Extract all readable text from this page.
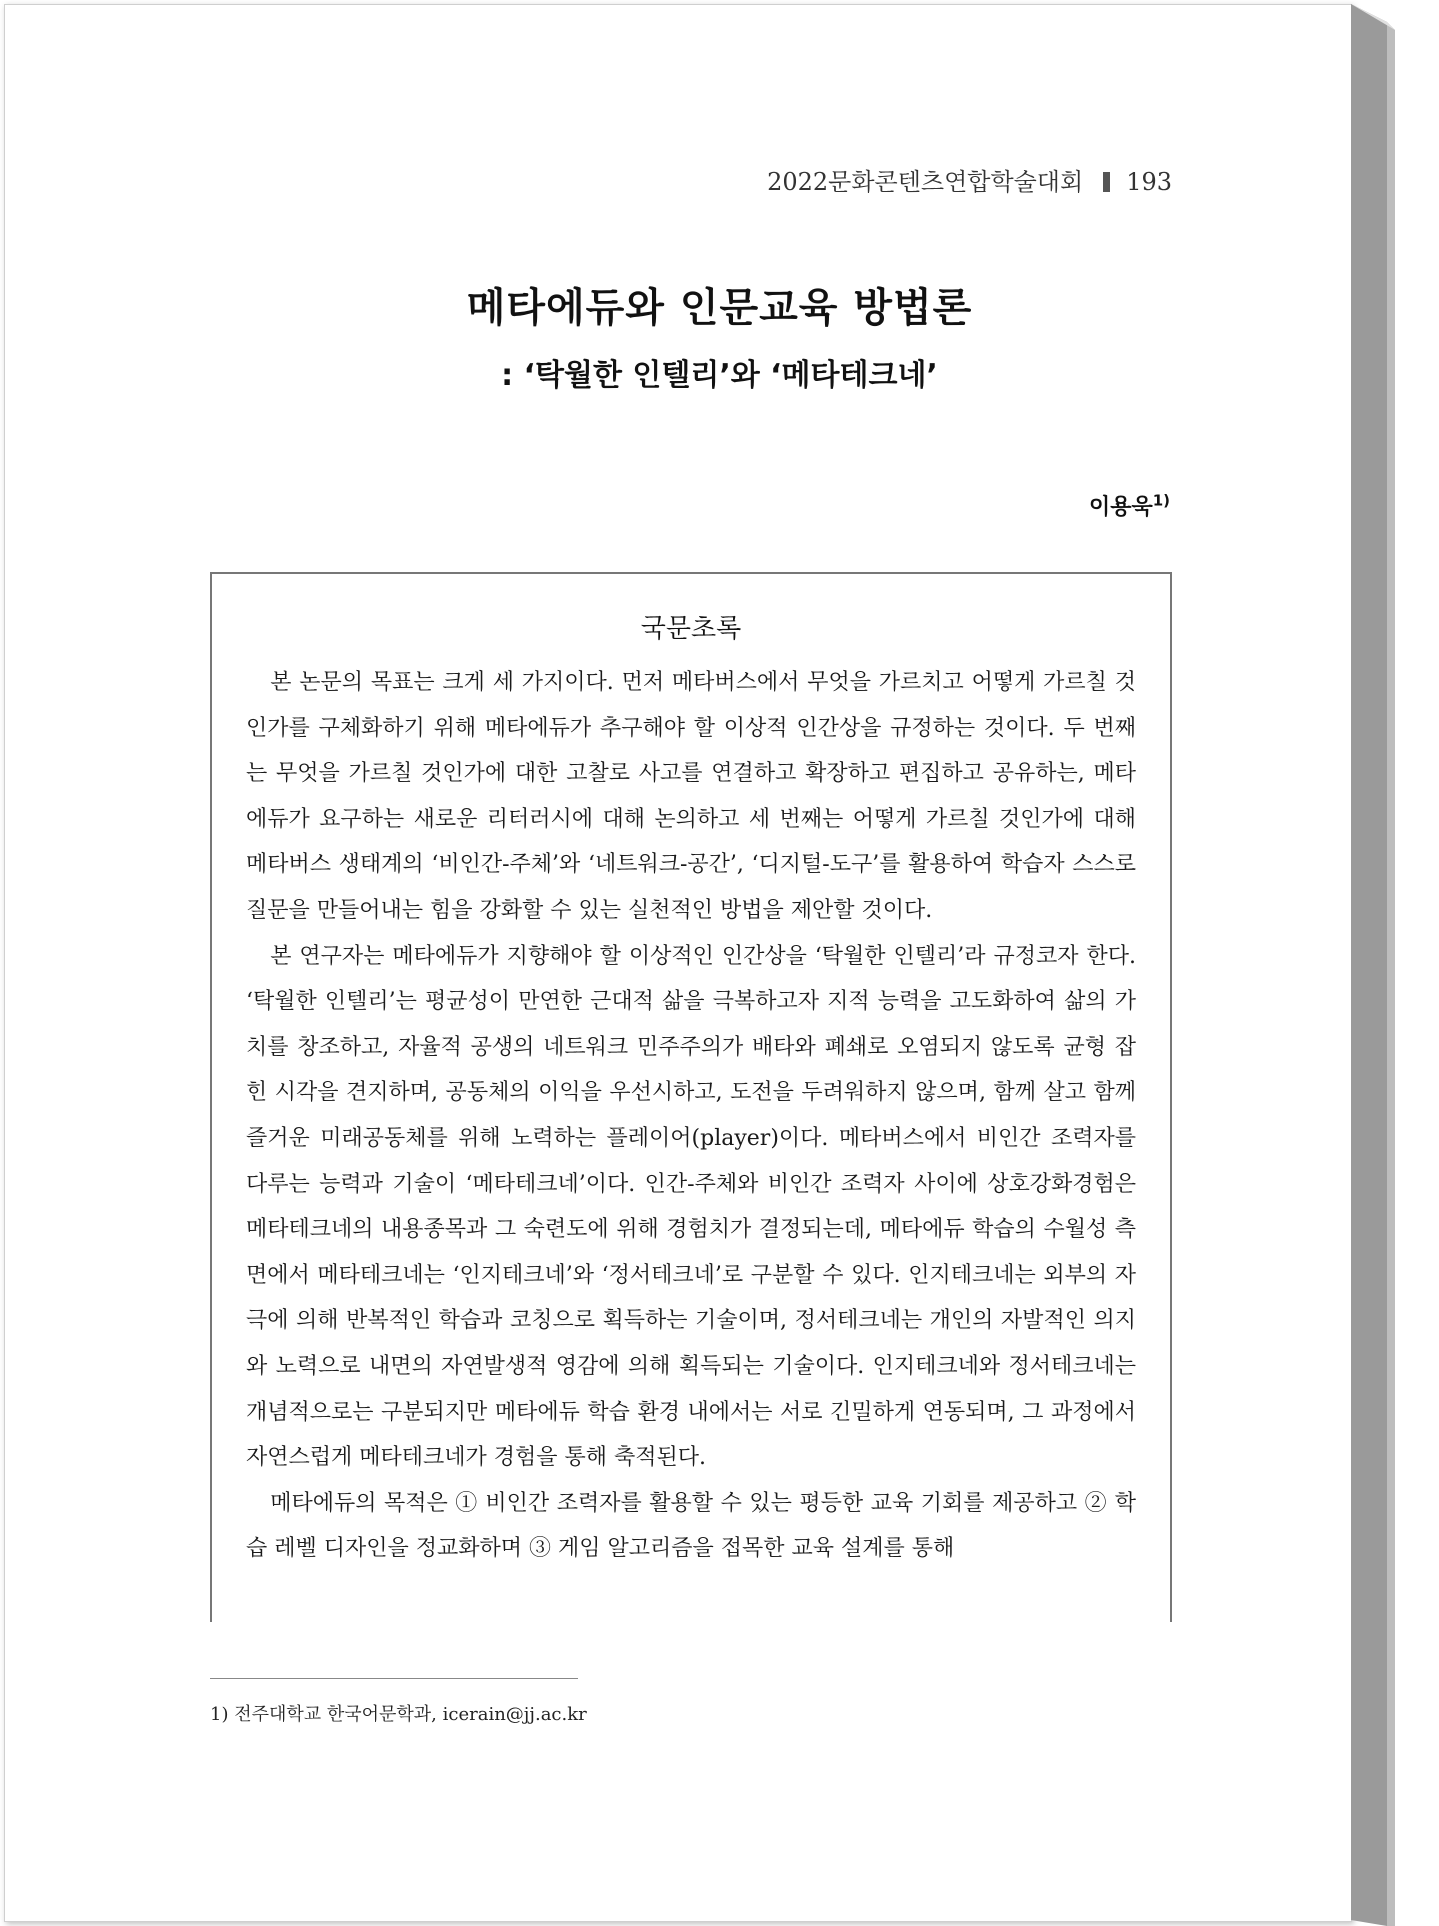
2022문화콘텐츠연합학술대회 193
메타에듀와 인문교육 방법론
: ‘탁월한 인텔리’와 ‘메타테크네’
이용욱$^{1)}$
국문초록

본 논문의 목표는 크게 세 가지이다. 먼저 메타버스에서 무엇을 가르치고 어떻게 가르칠 것인가를 구체화하기 위해 메타에듀가 추구해야 할 이상적 인간상을 규정하는 것이다. 두 번째는 무엇을 가르칠 것인가에 대한 고찰로 사고를 연결하고 확장하고 편집하고 공유하는, 메타에듀가 요구하는 새로운 리터러시에 대해 논의하고 세 번째는 어떻게 가르칠 것인가에 대해 메타버스 생태계의 ‘비인간-주체’와 ‘네트워크-공간’, ‘디지털-도구’를 활용하여 학습자 스스로 질문을 만들어내는 힘을 강화할 수 있는 실천적인 방법을 제안할 것이다.

본 연구자는 메타에듀가 지향해야 할 이상적인 인간상을 ‘탁월한 인텔리’라 규정코자 한다. ‘탁월한 인텔리’는 평균성이 만연한 근대적 삶을 극복하고자 지적 능력을 고도화하여 삶의 가치를 창조하고, 자율적 공생의 네트워크 민주주의가 배타와 폐쇄로 오염되지 않도록 균형 잡힌 시각을 견지하며, 공동체의 이익을 우선시하고, 도전을 두려워하지 않으며, 함께 살고 함께 즐거운 미래공동체를 위해 노력하는 플레이어(player)이다. 메타버스에서 비인간 조력자를 다루는 능력과 기술이 ‘메타테크네’이다. 인간-주체와 비인간 조력자 사이에 상호강화경험은 메타테크네의 내용종목과 그 숙련도에 위해 경험치가 결정되는데, 메타에듀 학습의 수월성 측면에서 메타테크네는 ‘인지테크네’와 ‘정서테크네’로 구분할 수 있다. 인지테크네는 외부의 자극에 의해 반복적인 학습과 코칭으로 획득하는 기술이며, 정서테크네는 개인의 자발적인 의지와 노력으로 내면의 자연발생적 영감에 의해 획득되는 기술이다. 인지테크네와 정서테크네는 개념적으로는 구분되지만 메타에듀 학습 환경 내에서는 서로 긴밀하게 연동되며, 그 과정에서 자연스럽게 메타테크네가 경험을 통해 축적된다.

메타에듀의 목적은 ① 비인간 조력자를 활용할 수 있는 평등한 교육 기회를 제공하고 ② 학습 레벨 디자인을 정교화하며 ③ 게임 알고리즘을 접목한 교육 설계를 통해

1) 전주대학교 한국어문학과, icerain@jj.ac.kr
